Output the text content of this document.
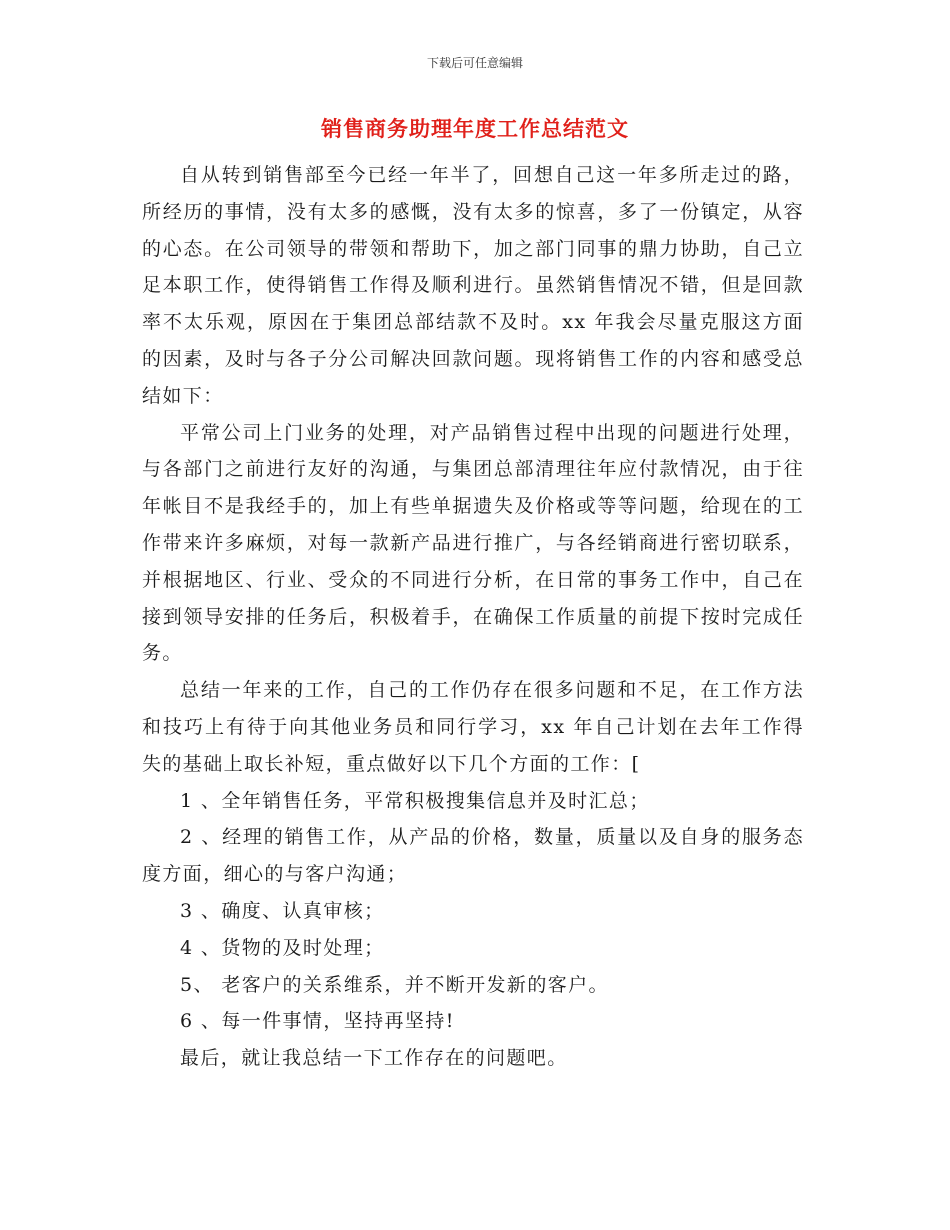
下载后可任意编辑
销售商务助理年度工作总结范文

自从转到销售部至今已经一年半了，回想自己这一年多所走过的路，所经历的事情，没有太多的感慨，没有太多的惊喜，多了一份镇定，从容的心态。在公司领导的带领和帮助下，加之部门同事的鼎力协助，自己立足本职工作，使得销售工作得及顺利进行。虽然销售情况不错，但是回款率不太乐观，原因在于集团总部结款不及时。xx 年我会尽量克服这方面的因素，及时与各子分公司解决回款问题。现将销售工作的内容和感受总结如下：

平常公司上门业务的处理，对产品销售过程中出现的问题进行处理，与各部门之前进行友好的沟通，与集团总部清理往年应付款情况，由于往年帐目不是我经手的，加上有些单据遗失及价格或等等问题，给现在的工作带来许多麻烦，对每一款新产品进行推广，与各经销商进行密切联系，并根据地区、行业、受众的不同进行分析，在日常的事务工作中，自己在接到领导安排的任务后，积极着手，在确保工作质量的前提下按时完成任务。

总结一年来的工作，自己的工作仍存在很多问题和不足，在工作方法和技巧上有待于向其他业务员和同行学习，xx 年自己计划在去年工作得失的基础上取长补短，重点做好以下几个方面的工作：[

1 、全年销售任务，平常积极搜集信息并及时汇总；

2 、经理的销售工作，从产品的价格，数量，质量以及自身的服务态度方面，细心的与客户沟通；

3 、确度、认真审核；

4 、货物的及时处理；

5、 老客户的关系维系，并不断开发新的客户。

6 、每一件事情，坚持再坚持!

最后，就让我总结一下工作存在的问题吧。
